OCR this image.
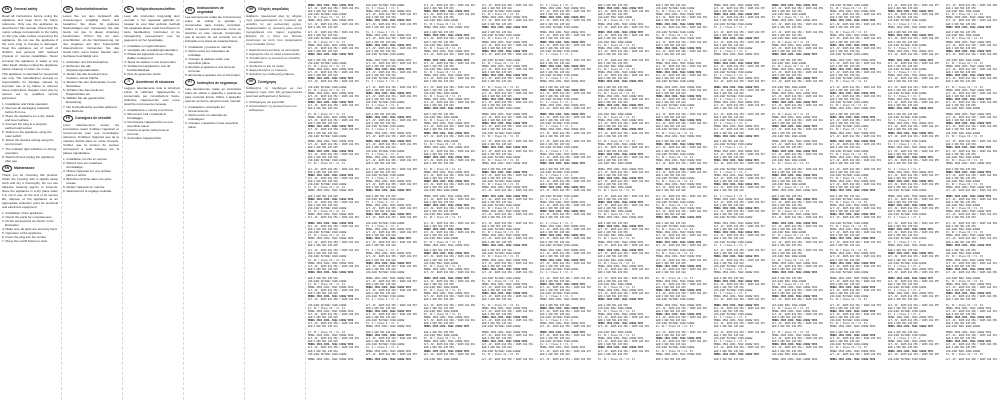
EN	General safety

Read all instructions before using the appliance and keep them for future reference. Only use the appliance as described in this manual. Check that the mains voltage corresponds to the rating on the type plate before connecting the appliance. Do not use the appliance if the cord, plug or housing is damaged. Keep the appliance out of reach of children and persons with reduced physical or mental capabilities. Never immerse the appliance in water or any other liquid. Always unplug the appliance before cleaning or when not in use.

This appliance is intended for household use only. The manufacturer accepts no responsibility for damage caused by improper use or by failure to observe these instructions. Repairs must only be carried out by qualified service personnel.

1. Installation and initial operation

2. Remove all packaging materials before first use.

3. Place the appliance on a dry, stable and level surface.

4. Connect the plug to a properly earthed wall socket.

5. Switch on the appliance using the main switch.

6. Select the desired setting using the control knob.

7. The indicator light switches on during operation.

8. Switch off and unplug the appliance after use.

EN	Maintenance

Thank you for choosing this product. Clean the housing with a slightly damp cloth and dry it thoroughly. Do not use abrasive cleaning agents or solvents. Store the appliance in a dry place when it is not in use. At the end of its service life, dispose of the appliance at an appropriate collection point for electrical and electronic equipment.

1. Installation of the appliance

2. Check the parts for completeness.

3. Fit the accessories as shown in the illustration.

4. Make sure all parts are securely fixed.

5. Operation of the appliance

6. Insert the plug into the socket.

7. Press the on/off button to start.

DE	Sicherheitshinweise

Lesen Sie vor dem Gebrauch alle Anweisungen sorgfältig durch und bewahren Sie diese für späteres Nachschlagen auf. Verwenden Sie das Gerät nur wie in dieser Anleitung beschrieben. Prüfen Sie vor dem Anschließen, ob die Netzspannung mit den Angaben auf dem Typenschild übereinstimmt. Verwenden Sie das Gerät nicht, wenn Kabel, Stecker oder Gehäuse beschädigt sind.

1. Aufstellen und Inbetriebnahme

2. Entfernen Sie alle Verpackungsmaterialien.

3. Stellen Sie das Gerät auf eine trockene, ebene Fläche.

4. Stecken Sie den Netzstecker in eine Steckdose.

5. Schalten Sie das Gerät am Hauptschalter ein.

6. Wählen Sie die gewünschte Einstellung.

7. Die Kontrollleuchte leuchtet während des Betriebs.

FR	Consignes de sécurité

Lisez attentivement toutes les instructions avant d'utiliser l'appareil et conservez-les pour une consultation ultérieure. N'utilisez l'appareil que de la manière décrite dans ce mode d'emploi. Vérifiez que la tension du secteur correspond à celle indiquée sur la plaque signalétique.

1. Installation et mise en service

2. Retirez tous les matériaux d'emballage.

3. Placez l'appareil sur une surface plane et sèche.

4. Branchez la fiche dans une prise murale.

5. Mettez l'appareil en marche.

6. Sélectionnez le réglage souhaité.

NL	Veiligheidsvoorschriften

Lees alle instructies zorgvuldig door voordat u het apparaat gebruikt en bewaar ze voor later gebruik. Gebruik het apparaat alleen zoals beschreven in deze handleiding. Controleer of de netspanning overeenkomt met de gegevens op het typeplaatje.

1. Installatie en ingebruikname

2. Verwijder alle verpakkingsmaterialen.

3. Plaats het apparaat op een droge, vlakke ondergrond.

4. Steek de stekker in het stopcontact.

5. Schakel het apparaat in met de hoofdschakelaar.

6. Kies de gewenste stand.

IT	Avvertenze di sicurezza

Leggere attentamente tutte le istruzioni prima di utilizzare l'apparecchio e conservarle per consultazioni future. Utilizzare l'apparecchio solo come descritto nel presente manuale.

1. Installazione e messa in funzione

2. Rimuovere tutti i materiali di imballaggio.

3. Posizionare l'apparecchio su una superficie piana.

4. Inserire la spina nella presa di corrente.

5. Accendere l'apparecchio.

ES	Instrucciones de seguridad

Lea atentamente todas las instrucciones antes de utilizar el aparato y consérvelas para futuras consultas. Utilice el aparato únicamente como se describe en este manual. Compruebe que la tensión de red coincide con la indicada en la placa de características.

1. Instalación y puesta en marcha

2. Retire todos los materiales de embalaje.

3. Coloque el aparato sobre una superficie plana.

4. Enchufe el aparato a una toma de corriente.

5. Encienda el aparato con el interruptor.

PT	Instruções de segurança

Leia atentamente todas as instruções antes de utilizar o aparelho e guarde-as para consulta futura. Utilize o aparelho apenas conforme descrito neste manual.

1. Instalação e colocação em funcionamento

2. Retire todos os materiais de embalagem.

3. Coloque o aparelho numa superfície plana.

GR	Οδηγίες ασφαλείας

Διαβάστε προσεκτικά όλες τις οδηγίες πριν χρησιμοποιήσετε τη συσκευή και φυλάξτε τις για μελλοντική χρήση. Χρησιμοποιείτε τη συσκευή μόνο όπως περιγράφεται στο παρόν εγχειρίδιο. Ελέγξτε ότι η τάση του δικτύου αντιστοιχεί σε αυτή που αναγράφεται στην πινακίδα τύπου.

1. Εγκατάσταση και θέση σε λειτουργία

2. Αφαιρέστε όλα τα υλικά συσκευασίας.

3. Τοποθετήστε τη συσκευή σε επίπεδη επιφάνεια.

4. Συνδέστε το φις σε πρίζα.

5. Ενεργοποιήστε τη συσκευή.

6. Επιλέξτε την επιθυμητή ρύθμιση.

GR	Συντήρηση

Καθαρίζετε το περίβλημα με ένα ελαφρώς υγρό πανί. Μη χρησιμοποιείτε λειαντικά καθαριστικά ή διαλύτες.

1. Καθαρισμός και φροντίδα

2. Αποσυνδέστε τη συσκευή πριν τον καθαρισμό.

MODEL 4501 230V~ 50Hz 1200W IP20
Art.-Nr. 0045 012 350 / 0045 012 351
EAN 4 006 501 245 018
230-240V 50/60Hz 1000-1200W
Kl. II / Class II / Cl. II
MODEL 4502 230V~ 50Hz 1500W IP20
Art.-Nr. 0045 012 352 / 0045 012 353
EAN 4 006 501 245 025
Art.-Nr. 0045 012 350 / 0045 012 351
EAN 4 006 501 245 018
230-240V 50/60Hz 1000-1200W
Kl. II / Class II / Cl. II
MODEL 4502 230V~ 50Hz 1500W IP20
Art.-Nr. 0045 012 352 / 0045 012 353
EAN 4 006 501 245 025
MODEL 4501 230V~ 50Hz 1200W IP20
EAN 4 006 501 245 018
230-240V 50/60Hz 1000-1200W
Kl. II / Class II / Cl. II
MODEL 4502 230V~ 50Hz 1500W IP20
Art.-Nr. 0045 012 352 / 0045 012 353
EAN 4 006 501 245 025
MODEL 4501 230V~ 50Hz 1200W IP20
Art.-Nr. 0045 012 350 / 0045 012 351
230-240V 50/60Hz 1000-1200W
Kl. II / Class II / Cl. II
MODEL 4502 230V~ 50Hz 1500W IP20
Art.-Nr. 0045 012 352 / 0045 012 353
EAN 4 006 501 245 025
MODEL 4501 230V~ 50Hz 1200W IP20
Art.-Nr. 0045 012 350 / 0045 012 351
EAN 4 006 501 245 018
Kl. II / Class II / Cl. II
MODEL 4502 230V~ 50Hz 1500W IP20
Art.-Nr. 0045 012 352 / 0045 012 353
EAN 4 006 501 245 025
MODEL 4501 230V~ 50Hz 1200W IP20
Art.-Nr. 0045 012 350 / 0045 012 351
EAN 4 006 501 245 018
230-240V 50/60Hz 1000-1200W
MODEL 4502 230V~ 50Hz 1500W IP20
Art.-Nr. 0045 012 352 / 0045 012 353
EAN 4 006 501 245 025
MODEL 4501 230V~ 50Hz 1200W IP20
Art.-Nr. 0045 012 350 / 0045 012 351
EAN 4 006 501 245 018
230-240V 50/60Hz 1000-1200W
Kl. II / Class II / Cl. II
Art.-Nr. 0045 012 352 / 0045 012 353
EAN 4 006 501 245 025
MODEL 4501 230V~ 50Hz 1200W IP20
Art.-Nr. 0045 012 350 / 0045 012 351
EAN 4 006 501 245 018
230-240V 50/60Hz 1000-1200W
Kl. II / Class II / Cl. II
MODEL 4502 230V~ 50Hz 1500W IP20
EAN 4 006 501 245 025
MODEL 4501 230V~ 50Hz 1200W IP20
Art.-Nr. 0045 012 350 / 0045 012 351
EAN 4 006 501 245 018
230-240V 50/60Hz 1000-1200W
Kl. II / Class II / Cl. II
MODEL 4502 230V~ 50Hz 1500W IP20
Art.-Nr. 0045 012 352 / 0045 012 353
MODEL 4501 230V~ 50Hz 1200W IP20
Art.-Nr. 0045 012 350 / 0045 012 351
EAN 4 006 501 245 018
230-240V 50/60Hz 1000-1200W
Kl. II / Class II / Cl. II
MODEL 4502 230V~ 50Hz 1500W IP20
Art.-Nr. 0045 012 352 / 0045 012 353
EAN 4 006 501 245 025
Art.-Nr. 0045 012 350 / 0045 012 351
EAN 4 006 501 245 018
230-240V 50/60Hz 1000-1200W
Kl. II / Class II / Cl. II
MODEL 4502 230V~ 50Hz 1500W IP20
Art.-Nr. 0045 012 352 / 0045 012 353
EAN 4 006 501 245 025
MODEL 4501 230V~ 50Hz 1200W IP20
EAN 4 006 501 245 018
230-240V 50/60Hz 1000-1200W
Kl. II / Class II / Cl. II
MODEL 4502 230V~ 50Hz 1500W IP20
Art.-Nr. 0045 012 352 / 0045 012 353
EAN 4 006 501 245 025
MODEL 4501 230V~ 50Hz 1200W IP20
Art.-Nr. 0045 012 350 / 0045 012 351
230-240V 50/60Hz 1000-1200W
Kl. II / Class II / Cl. II
MODEL 4502 230V~ 50Hz 1500W IP20
Art.-Nr. 0045 012 352 / 0045 012 353
EAN 4 006 501 245 025
MODEL 4501 230V~ 50Hz 1200W IP20
Art.-Nr. 0045 012 350 / 0045 012 351
EAN 4 006 501 245 018
Kl. II / Class II / Cl. II
MODEL 4502 230V~ 50Hz 1500W IP20
Art.-Nr. 0045 012 352 / 0045 012 353
EAN 4 006 501 245 025
MODEL 4501 230V~ 50Hz 1200W IP20
Art.-Nr. 0045 012 350 / 0045 012 351
EAN 4 006 501 245 018
230-240V 50/60Hz 1000-1200W
MODEL 4502 230V~ 50Hz 1500W IP20
220-240V 50/60Hz 1500-1800W
Kl. I / Class I / Cl. I
MODEL 4504 230V~ 50Hz 2000W IP21
Art.-Nr. 0045 012 356 / 0045 012 357
EAN 4 006 501 245 049
MODEL 4503 230V~ 50Hz 1800W IP21
Art.-Nr. 0045 012 354 / 0045 012 355
EAN 4 006 501 245 032
Kl. I / Class I / Cl. I
MODEL 4504 230V~ 50Hz 2000W IP21
Art.-Nr. 0045 012 356 / 0045 012 357
EAN 4 006 501 245 049
MODEL 4503 230V~ 50Hz 1800W IP21
Art.-Nr. 0045 012 354 / 0045 012 355
EAN 4 006 501 245 032
220-240V 50/60Hz 1500-1800W
MODEL 4504 230V~ 50Hz 2000W IP21
Art.-Nr. 0045 012 356 / 0045 012 357
EAN 4 006 501 245 049
MODEL 4503 230V~ 50Hz 1800W IP21
Art.-Nr. 0045 012 354 / 0045 012 355
EAN 4 006 501 245 032
220-240V 50/60Hz 1500-1800W
Kl. I / Class I / Cl. I
Art.-Nr. 0045 012 356 / 0045 012 357
EAN 4 006 501 245 049
MODEL 4503 230V~ 50Hz 1800W IP21
Art.-Nr. 0045 012 354 / 0045 012 355
EAN 4 006 501 245 032
220-240V 50/60Hz 1500-1800W
Kl. I / Class I / Cl. I
MODEL 4504 230V~ 50Hz 2000W IP21
EAN 4 006 501 245 049
MODEL 4503 230V~ 50Hz 1800W IP21
Art.-Nr. 0045 012 354 / 0045 012 355
EAN 4 006 501 245 032
220-240V 50/60Hz 1500-1800W
Kl. I / Class I / Cl. I
MODEL 4504 230V~ 50Hz 2000W IP21
Art.-Nr. 0045 012 356 / 0045 012 357
MODEL 4503 230V~ 50Hz 1800W IP21
Art.-Nr. 0045 012 354 / 0045 012 355
EAN 4 006 501 245 032
220-240V 50/60Hz 1500-1800W
Kl. I / Class I / Cl. I
MODEL 4504 230V~ 50Hz 2000W IP21
Art.-Nr. 0045 012 356 / 0045 012 357
EAN 4 006 501 245 049
Art.-Nr. 0045 012 354 / 0045 012 355
EAN 4 006 501 245 032
220-240V 50/60Hz 1500-1800W
Kl. I / Class I / Cl. I
MODEL 4504 230V~ 50Hz 2000W IP21
Art.-Nr. 0045 012 356 / 0045 012 357
EAN 4 006 501 245 049
MODEL 4503 230V~ 50Hz 1800W IP21
EAN 4 006 501 245 032
220-240V 50/60Hz 1500-1800W
Kl. I / Class I / Cl. I
MODEL 4504 230V~ 50Hz 2000W IP21
Art.-Nr. 0045 012 356 / 0045 012 357
EAN 4 006 501 245 049
MODEL 4503 230V~ 50Hz 1800W IP21
Art.-Nr. 0045 012 354 / 0045 012 355
220-240V 50/60Hz 1500-1800W
Kl. I / Class I / Cl. I
MODEL 4504 230V~ 50Hz 2000W IP21
Art.-Nr. 0045 012 356 / 0045 012 357
EAN 4 006 501 245 049
MODEL 4503 230V~ 50Hz 1800W IP21
Art.-Nr. 0045 012 354 / 0045 012 355
EAN 4 006 501 245 032
Kl. I / Class I / Cl. I
MODEL 4504 230V~ 50Hz 2000W IP21
Art.-Nr. 0045 012 356 / 0045 012 357
EAN 4 006 501 245 049
MODEL 4503 230V~ 50Hz 1800W IP21
Art.-Nr. 0045 012 354 / 0045 012 355
EAN 4 006 501 245 032
220-240V 50/60Hz 1500-1800W
MODEL 4504 230V~ 50Hz 2000W IP21
Art.-Nr. 0045 012 356 / 0045 012 357
EAN 4 006 501 245 049
MODEL 4503 230V~ 50Hz 1800W IP21
Art.-Nr. 0045 012 354 / 0045 012 355
EAN 4 006 501 245 032
220-240V 50/60Hz 1500-1800W
Kl. I / Class I / Cl. I
Art.-Nr. 0045 012 356 / 0045 012 357
EAN 4 006 501 245 049
MODEL 4503 230V~ 50Hz 1800W IP21
Art.-Nr. 0045 012 354 / 0045 012 355
EAN 4 006 501 245 032
220-240V 50/60Hz 1500-1800W
Kl. I / Class I / Cl. I
MODEL 4504 230V~ 50Hz 2000W IP21
EAN 4 006 501 245 049
MODEL 4503 230V~ 50Hz 1800W IP21
Art.-Nr. 0045 012 354 / 0045 012 355
EAN 4 006 501 245 032
220-240V 50/60Hz 1500-1800W
Kl. I / Class I / Cl. I
MODEL 4504 230V~ 50Hz 2000W IP21
Art.-Nr. 0045 012 356 / 0045 012 357
MODEL 4503 230V~ 50Hz 1800W IP21
Art.-Nr. 0045 012 360 / 0045 012 361
EAN 4 006 501 245 063
MODEL 4505 230V~ 50Hz 2200W IP24
Art.-Nr. 0045 012 358 / 0045 012 359
EAN 4 006 501 245 056
220-240V 50Hz 2000-2200W
Kl. II / Class II / Cl. II
MODEL 4506 230V~ 50Hz 2400W IP24
EAN 4 006 501 245 063
MODEL 4505 230V~ 50Hz 2200W IP24
Art.-Nr. 0045 012 358 / 0045 012 359
EAN 4 006 501 245 056
220-240V 50Hz 2000-2200W
Kl. II / Class II / Cl. II
MODEL 4506 230V~ 50Hz 2400W IP24
Art.-Nr. 0045 012 360 / 0045 012 361
MODEL 4505 230V~ 50Hz 2200W IP24
Art.-Nr. 0045 012 358 / 0045 012 359
EAN 4 006 501 245 056
220-240V 50Hz 2000-2200W
Kl. II / Class II / Cl. II
MODEL 4506 230V~ 50Hz 2400W IP24
Art.-Nr. 0045 012 360 / 0045 012 361
EAN 4 006 501 245 063
Art.-Nr. 0045 012 358 / 0045 012 359
EAN 4 006 501 245 056
220-240V 50Hz 2000-2200W
Kl. II / Class II / Cl. II
MODEL 4506 230V~ 50Hz 2400W IP24
Art.-Nr. 0045 012 360 / 0045 012 361
EAN 4 006 501 245 063
MODEL 4505 230V~ 50Hz 2200W IP24
EAN 4 006 501 245 056
220-240V 50Hz 2000-2200W
Kl. II / Class II / Cl. II
MODEL 4506 230V~ 50Hz 2400W IP24
Art.-Nr. 0045 012 360 / 0045 012 361
EAN 4 006 501 245 063
MODEL 4505 230V~ 50Hz 2200W IP24
Art.-Nr. 0045 012 358 / 0045 012 359
220-240V 50Hz 2000-2200W
Kl. II / Class II / Cl. II
MODEL 4506 230V~ 50Hz 2400W IP24
Art.-Nr. 0045 012 360 / 0045 012 361
EAN 4 006 501 245 063
MODEL 4505 230V~ 50Hz 2200W IP24
Art.-Nr. 0045 012 358 / 0045 012 359
EAN 4 006 501 245 056
Kl. II / Class II / Cl. II
MODEL 4506 230V~ 50Hz 2400W IP24
Art.-Nr. 0045 012 360 / 0045 012 361
EAN 4 006 501 245 063
MODEL 4505 230V~ 50Hz 2200W IP24
Art.-Nr. 0045 012 358 / 0045 012 359
EAN 4 006 501 245 056
220-240V 50Hz 2000-2200W
MODEL 4506 230V~ 50Hz 2400W IP24
Art.-Nr. 0045 012 360 / 0045 012 361
EAN 4 006 501 245 063
MODEL 4505 230V~ 50Hz 2200W IP24
Art.-Nr. 0045 012 358 / 0045 012 359
EAN 4 006 501 245 056
220-240V 50Hz 2000-2200W
Kl. II / Class II / Cl. II
Art.-Nr. 0045 012 360 / 0045 012 361
EAN 4 006 501 245 063
MODEL 4505 230V~ 50Hz 2200W IP24
Art.-Nr. 0045 012 358 / 0045 012 359
EAN 4 006 501 245 056
220-240V 50Hz 2000-2200W
Kl. II / Class II / Cl. II
MODEL 4506 230V~ 50Hz 2400W IP24
EAN 4 006 501 245 063
MODEL 4505 230V~ 50Hz 2200W IP24
Art.-Nr. 0045 012 358 / 0045 012 359
EAN 4 006 501 245 056
220-240V 50Hz 2000-2200W
Kl. II / Class II / Cl. II
MODEL 4506 230V~ 50Hz 2400W IP24
Art.-Nr. 0045 012 360 / 0045 012 361
MODEL 4505 230V~ 50Hz 2200W IP24
Art.-Nr. 0045 012 358 / 0045 012 359
EAN 4 006 501 245 056
220-240V 50Hz 2000-2200W
Kl. II / Class II / Cl. II
MODEL 4506 230V~ 50Hz 2400W IP24
Art.-Nr. 0045 012 360 / 0045 012 361
EAN 4 006 501 245 063
Art.-Nr. 0045 012 358 / 0045 012 359
EAN 4 006 501 245 056
220-240V 50Hz 2000-2200W
Kl. II / Class II / Cl. II
MODEL 4506 230V~ 50Hz 2400W IP24
Art.-Nr. 0045 012 360 / 0045 012 361
EAN 4 006 501 245 063
MODEL 4505 230V~ 50Hz 2200W IP24
EAN 4 006 501 245 056
220-240V 50Hz 2000-2200W
Kl. II / Class II / Cl. II
MODEL 4506 230V~ 50Hz 2400W IP24
Art.-Nr. 0045 012 360 / 0045 012 361
EAN 4 006 501 245 063
MODEL 4505 230V~ 50Hz 2200W IP24
Art.-Nr. 0045 012 358 / 0045 012 359
220-240V 50Hz 2000-2200W
Art.-Nr. 0045 012 350 / 0045 012 351
EAN 4 006 501 245 018
230-240V 50/60Hz 1000-1200W
Kl. II / Class II / Cl. II
MODEL 4502 230V~ 50Hz 1500W IP20
Art.-Nr. 0045 012 352 / 0045 012 353
EAN 4 006 501 245 025
MODEL 4501 230V~ 50Hz 1200W IP20
EAN 4 006 501 245 018
230-240V 50/60Hz 1000-1200W
Kl. II / Class II / Cl. II
MODEL 4502 230V~ 50Hz 1500W IP20
Art.-Nr. 0045 012 352 / 0045 012 353
EAN 4 006 501 245 025
MODEL 4501 230V~ 50Hz 1200W IP20
Art.-Nr. 0045 012 350 / 0045 012 351
230-240V 50/60Hz 1000-1200W
Kl. II / Class II / Cl. II
MODEL 4502 230V~ 50Hz 1500W IP20
Art.-Nr. 0045 012 352 / 0045 012 353
EAN 4 006 501 245 025
MODEL 4501 230V~ 50Hz 1200W IP20
Art.-Nr. 0045 012 350 / 0045 012 351
EAN 4 006 501 245 018
Kl. II / Class II / Cl. II
MODEL 4502 230V~ 50Hz 1500W IP20
Art.-Nr. 0045 012 352 / 0045 012 353
EAN 4 006 501 245 025
MODEL 4501 230V~ 50Hz 1200W IP20
Art.-Nr. 0045 012 350 / 0045 012 351
EAN 4 006 501 245 018
230-240V 50/60Hz 1000-1200W
MODEL 4502 230V~ 50Hz 1500W IP20
Art.-Nr. 0045 012 352 / 0045 012 353
EAN 4 006 501 245 025
MODEL 4501 230V~ 50Hz 1200W IP20
Art.-Nr. 0045 012 350 / 0045 012 351
EAN 4 006 501 245 018
230-240V 50/60Hz 1000-1200W
Kl. II / Class II / Cl. II
Art.-Nr. 0045 012 352 / 0045 012 353
EAN 4 006 501 245 025
MODEL 4501 230V~ 50Hz 1200W IP20
Art.-Nr. 0045 012 350 / 0045 012 351
EAN 4 006 501 245 018
230-240V 50/60Hz 1000-1200W
Kl. II / Class II / Cl. II
MODEL 4502 230V~ 50Hz 1500W IP20
EAN 4 006 501 245 025
MODEL 4501 230V~ 50Hz 1200W IP20
Art.-Nr. 0045 012 350 / 0045 012 351
EAN 4 006 501 245 018
230-240V 50/60Hz 1000-1200W
Kl. II / Class II / Cl. II
MODEL 4502 230V~ 50Hz 1500W IP20
Art.-Nr. 0045 012 352 / 0045 012 353
MODEL 4501 230V~ 50Hz 1200W IP20
Art.-Nr. 0045 012 350 / 0045 012 351
EAN 4 006 501 245 018
230-240V 50/60Hz 1000-1200W
Kl. II / Class II / Cl. II
MODEL 4502 230V~ 50Hz 1500W IP20
Art.-Nr. 0045 012 352 / 0045 012 353
EAN 4 006 501 245 025
Art.-Nr. 0045 012 350 / 0045 012 351
EAN 4 006 501 245 018
230-240V 50/60Hz 1000-1200W
Kl. II / Class II / Cl. II
MODEL 4502 230V~ 50Hz 1500W IP20
Art.-Nr. 0045 012 352 / 0045 012 353
EAN 4 006 501 245 025
MODEL 4501 230V~ 50Hz 1200W IP20
EAN 4 006 501 245 018
230-240V 50/60Hz 1000-1200W
Kl. II / Class II / Cl. II
MODEL 4502 230V~ 50Hz 1500W IP20
Art.-Nr. 0045 012 352 / 0045 012 353
EAN 4 006 501 245 025
MODEL 4501 230V~ 50Hz 1200W IP20
Art.-Nr. 0045 012 350 / 0045 012 351
230-240V 50/60Hz 1000-1200W
Kl. II / Class II / Cl. II
MODEL 4502 230V~ 50Hz 1500W IP20
Art.-Nr. 0045 012 352 / 0045 012 353
EAN 4 006 501 245 025
MODEL 4501 230V~ 50Hz 1200W IP20
Art.-Nr. 0045 012 350 / 0045 012 351
EAN 4 006 501 245 018
Kl. II / Class II / Cl. II
MODEL 4502 230V~ 50Hz 1500W IP20
Art.-Nr. 0045 012 352 / 0045 012 353
EAN 4 006 501 245 025
MODEL 4501 230V~ 50Hz 1200W IP20
Art.-Nr. 0045 012 350 / 0045 012 351
EAN 4 006 501 245 018
230-240V 50/60Hz 1000-1200W
MODEL 4502 230V~ 50Hz 1500W IP20
Art.-Nr. 0045 012 352 / 0045 012 353
EAN 4 006 501 245 025
MODEL 4501 230V~ 50Hz 1200W IP20
Art.-Nr. 0045 012 350 / 0045 012 351
EAN 4 006 501 245 018
230-240V 50/60Hz 1000-1200W
Kl. II / Class II / Cl. II
Art.-Nr. 0045 012 352 / 0045 012 353
Kl. I / Class I / Cl. I
MODEL 4504 230V~ 50Hz 2000W IP21
Art.-Nr. 0045 012 356 / 0045 012 357
EAN 4 006 501 245 049
MODEL 4503 230V~ 50Hz 1800W IP21
Art.-Nr. 0045 012 354 / 0045 012 355
EAN 4 006 501 245 032
220-240V 50/60Hz 1500-1800W
MODEL 4504 230V~ 50Hz 2000W IP21
Art.-Nr. 0045 012 356 / 0045 012 357
EAN 4 006 501 245 049
MODEL 4503 230V~ 50Hz 1800W IP21
Art.-Nr. 0045 012 354 / 0045 012 355
EAN 4 006 501 245 032
220-240V 50/60Hz 1500-1800W
Kl. I / Class I / Cl. I
Art.-Nr. 0045 012 356 / 0045 012 357
EAN 4 006 501 245 049
MODEL 4503 230V~ 50Hz 1800W IP21
Art.-Nr. 0045 012 354 / 0045 012 355
EAN 4 006 501 245 032
220-240V 50/60Hz 1500-1800W
Kl. I / Class I / Cl. I
MODEL 4504 230V~ 50Hz 2000W IP21
EAN 4 006 501 245 049
MODEL 4503 230V~ 50Hz 1800W IP21
Art.-Nr. 0045 012 354 / 0045 012 355
EAN 4 006 501 245 032
220-240V 50/60Hz 1500-1800W
Kl. I / Class I / Cl. I
MODEL 4504 230V~ 50Hz 2000W IP21
Art.-Nr. 0045 012 356 / 0045 012 357
MODEL 4503 230V~ 50Hz 1800W IP21
Art.-Nr. 0045 012 354 / 0045 012 355
EAN 4 006 501 245 032
220-240V 50/60Hz 1500-1800W
Kl. I / Class I / Cl. I
MODEL 4504 230V~ 50Hz 2000W IP21
Art.-Nr. 0045 012 356 / 0045 012 357
EAN 4 006 501 245 049
Art.-Nr. 0045 012 354 / 0045 012 355
EAN 4 006 501 245 032
220-240V 50/60Hz 1500-1800W
Kl. I / Class I / Cl. I
MODEL 4504 230V~ 50Hz 2000W IP21
Art.-Nr. 0045 012 356 / 0045 012 357
EAN 4 006 501 245 049
MODEL 4503 230V~ 50Hz 1800W IP21
EAN 4 006 501 245 032
220-240V 50/60Hz 1500-1800W
Kl. I / Class I / Cl. I
MODEL 4504 230V~ 50Hz 2000W IP21
Art.-Nr. 0045 012 356 / 0045 012 357
EAN 4 006 501 245 049
MODEL 4503 230V~ 50Hz 1800W IP21
Art.-Nr. 0045 012 354 / 0045 012 355
220-240V 50/60Hz 1500-1800W
Kl. I / Class I / Cl. I
MODEL 4504 230V~ 50Hz 2000W IP21
Art.-Nr. 0045 012 356 / 0045 012 357
EAN 4 006 501 245 049
MODEL 4503 230V~ 50Hz 1800W IP21
Art.-Nr. 0045 012 354 / 0045 012 355
EAN 4 006 501 245 032
Kl. I / Class I / Cl. I
MODEL 4504 230V~ 50Hz 2000W IP21
Art.-Nr. 0045 012 356 / 0045 012 357
EAN 4 006 501 245 049
MODEL 4503 230V~ 50Hz 1800W IP21
Art.-Nr. 0045 012 354 / 0045 012 355
EAN 4 006 501 245 032
220-240V 50/60Hz 1500-1800W
MODEL 4504 230V~ 50Hz 2000W IP21
Art.-Nr. 0045 012 356 / 0045 012 357
EAN 4 006 501 245 049
MODEL 4503 230V~ 50Hz 1800W IP21
Art.-Nr. 0045 012 354 / 0045 012 355
EAN 4 006 501 245 032
220-240V 50/60Hz 1500-1800W
Kl. I / Class I / Cl. I
Art.-Nr. 0045 012 356 / 0045 012 357
EAN 4 006 501 245 049
MODEL 4503 230V~ 50Hz 1800W IP21
Art.-Nr. 0045 012 354 / 0045 012 355
EAN 4 006 501 245 032
220-240V 50/60Hz 1500-1800W
Kl. I / Class I / Cl. I
MODEL 4504 230V~ 50Hz 2000W IP21
EAN 4 006 501 245 049
MODEL 4503 230V~ 50Hz 1800W IP21
Art.-Nr. 0045 012 354 / 0045 012 355
EAN 4 006 501 245 032
220-240V 50/60Hz 1500-1800W
Kl. I / Class I / Cl. I
MODEL 4504 230V~ 50Hz 2000W IP21
Art.-Nr. 0045 012 356 / 0045 012 357
MODEL 4503 230V~ 50Hz 1800W IP21
Art.-Nr. 0045 012 354 / 0045 012 355
EAN 4 006 501 245 032
220-240V 50/60Hz 1500-1800W
Kl. I / Class I / Cl. I
MODEL 4504 230V~ 50Hz 2000W IP21
Art.-Nr. 0045 012 356 / 0045 012 357
EAN 4 006 501 245 049
Art.-Nr. 0045 012 354 / 0045 012 355
EAN 4 006 501 245 063
MODEL 4505 230V~ 50Hz 2200W IP24
Art.-Nr. 0045 012 358 / 0045 012 359
EAN 4 006 501 245 056
220-240V 50Hz 2000-2200W
Kl. II / Class II / Cl. II
MODEL 4506 230V~ 50Hz 2400W IP24
Art.-Nr. 0045 012 360 / 0045 012 361
MODEL 4505 230V~ 50Hz 2200W IP24
Art.-Nr. 0045 012 358 / 0045 012 359
EAN 4 006 501 245 056
220-240V 50Hz 2000-2200W
Kl. II / Class II / Cl. II
MODEL 4506 230V~ 50Hz 2400W IP24
Art.-Nr. 0045 012 360 / 0045 012 361
EAN 4 006 501 245 063
Art.-Nr. 0045 012 358 / 0045 012 359
EAN 4 006 501 245 056
220-240V 50Hz 2000-2200W
Kl. II / Class II / Cl. II
MODEL 4506 230V~ 50Hz 2400W IP24
Art.-Nr. 0045 012 360 / 0045 012 361
EAN 4 006 501 245 063
MODEL 4505 230V~ 50Hz 2200W IP24
EAN 4 006 501 245 056
220-240V 50Hz 2000-2200W
Kl. II / Class II / Cl. II
MODEL 4506 230V~ 50Hz 2400W IP24
Art.-Nr. 0045 012 360 / 0045 012 361
EAN 4 006 501 245 063
MODEL 4505 230V~ 50Hz 2200W IP24
Art.-Nr. 0045 012 358 / 0045 012 359
220-240V 50Hz 2000-2200W
Kl. II / Class II / Cl. II
MODEL 4506 230V~ 50Hz 2400W IP24
Art.-Nr. 0045 012 360 / 0045 012 361
EAN 4 006 501 245 063
MODEL 4505 230V~ 50Hz 2200W IP24
Art.-Nr. 0045 012 358 / 0045 012 359
EAN 4 006 501 245 056
Kl. II / Class II / Cl. II
MODEL 4506 230V~ 50Hz 2400W IP24
Art.-Nr. 0045 012 360 / 0045 012 361
EAN 4 006 501 245 063
MODEL 4505 230V~ 50Hz 2200W IP24
Art.-Nr. 0045 012 358 / 0045 012 359
EAN 4 006 501 245 056
220-240V 50Hz 2000-2200W
MODEL 4506 230V~ 50Hz 2400W IP24
Art.-Nr. 0045 012 360 / 0045 012 361
EAN 4 006 501 245 063
MODEL 4505 230V~ 50Hz 2200W IP24
Art.-Nr. 0045 012 358 / 0045 012 359
EAN 4 006 501 245 056
220-240V 50Hz 2000-2200W
Kl. II / Class II / Cl. II
Art.-Nr. 0045 012 360 / 0045 012 361
EAN 4 006 501 245 063
MODEL 4505 230V~ 50Hz 2200W IP24
Art.-Nr. 0045 012 358 / 0045 012 359
EAN 4 006 501 245 056
220-240V 50Hz 2000-2200W
Kl. II / Class II / Cl. II
MODEL 4506 230V~ 50Hz 2400W IP24
EAN 4 006 501 245 063
MODEL 4505 230V~ 50Hz 2200W IP24
Art.-Nr. 0045 012 358 / 0045 012 359
EAN 4 006 501 245 056
220-240V 50Hz 2000-2200W
Kl. II / Class II / Cl. II
MODEL 4506 230V~ 50Hz 2400W IP24
Art.-Nr. 0045 012 360 / 0045 012 361
MODEL 4505 230V~ 50Hz 2200W IP24
Art.-Nr. 0045 012 358 / 0045 012 359
EAN 4 006 501 245 056
220-240V 50Hz 2000-2200W
Kl. II / Class II / Cl. II
MODEL 4506 230V~ 50Hz 2400W IP24
Art.-Nr. 0045 012 360 / 0045 012 361
EAN 4 006 501 245 063
Art.-Nr. 0045 012 358 / 0045 012 359
EAN 4 006 501 245 056
220-240V 50Hz 2000-2200W
Kl. II / Class II / Cl. II
MODEL 4506 230V~ 50Hz 2400W IP24
Art.-Nr. 0045 012 360 / 0045 012 361
EAN 4 006 501 245 063
MODEL 4505 230V~ 50Hz 2200W IP24
EAN 4 006 501 245 056
220-240V 50Hz 2000-2200W
Kl. II / Class II / Cl. II
MODEL 4506 230V~ 50Hz 2400W IP24
Art.-Nr. 0045 012 360 / 0045 012 361
EAN 4 006 501 245 063
MODEL 4505 230V~ 50Hz 2200W IP24
Art.-Nr. 0045 012 358 / 0045 012 359
220-240V 50Hz 2000-2200W
Kl. II / Class II / Cl. II
MODEL 4506 230V~ 50Hz 2400W IP24
Art.-Nr. 0045 012 360 / 0045 012 361
EAN 4 006 501 245 063
MODEL 4505 230V~ 50Hz 2200W IP24
Art.-Nr. 0045 012 358 / 0045 012 359
EAN 4 006 501 245 056
Kl. II / Class II / Cl. II
EAN 4 006 501 245 018
230-240V 50/60Hz 1000-1200W
Kl. II / Class II / Cl. II
MODEL 4502 230V~ 50Hz 1500W IP20
Art.-Nr. 0045 012 352 / 0045 012 353
EAN 4 006 501 245 025
MODEL 4501 230V~ 50Hz 1200W IP20
Art.-Nr. 0045 012 350 / 0045 012 351
230-240V 50/60Hz 1000-1200W
Kl. II / Class II / Cl. II
MODEL 4502 230V~ 50Hz 1500W IP20
Art.-Nr. 0045 012 352 / 0045 012 353
EAN 4 006 501 245 025
MODEL 4501 230V~ 50Hz 1200W IP20
Art.-Nr. 0045 012 350 / 0045 012 351
EAN 4 006 501 245 018
Kl. II / Class II / Cl. II
MODEL 4502 230V~ 50Hz 1500W IP20
Art.-Nr. 0045 012 352 / 0045 012 353
EAN 4 006 501 245 025
MODEL 4501 230V~ 50Hz 1200W IP20
Art.-Nr. 0045 012 350 / 0045 012 351
EAN 4 006 501 245 018
230-240V 50/60Hz 1000-1200W
MODEL 4502 230V~ 50Hz 1500W IP20
Art.-Nr. 0045 012 352 / 0045 012 353
EAN 4 006 501 245 025
MODEL 4501 230V~ 50Hz 1200W IP20
Art.-Nr. 0045 012 350 / 0045 012 351
EAN 4 006 501 245 018
230-240V 50/60Hz 1000-1200W
Kl. II / Class II / Cl. II
Art.-Nr. 0045 012 352 / 0045 012 353
EAN 4 006 501 245 025
MODEL 4501 230V~ 50Hz 1200W IP20
Art.-Nr. 0045 012 350 / 0045 012 351
EAN 4 006 501 245 018
230-240V 50/60Hz 1000-1200W
Kl. II / Class II / Cl. II
MODEL 4502 230V~ 50Hz 1500W IP20
EAN 4 006 501 245 025
MODEL 4501 230V~ 50Hz 1200W IP20
Art.-Nr. 0045 012 350 / 0045 012 351
EAN 4 006 501 245 018
230-240V 50/60Hz 1000-1200W
Kl. II / Class II / Cl. II
MODEL 4502 230V~ 50Hz 1500W IP20
Art.-Nr. 0045 012 352 / 0045 012 353
MODEL 4501 230V~ 50Hz 1200W IP20
Art.-Nr. 0045 012 350 / 0045 012 351
EAN 4 006 501 245 018
230-240V 50/60Hz 1000-1200W
Kl. II / Class II / Cl. II
MODEL 4502 230V~ 50Hz 1500W IP20
Art.-Nr. 0045 012 352 / 0045 012 353
EAN 4 006 501 245 025
Art.-Nr. 0045 012 350 / 0045 012 351
EAN 4 006 501 245 018
230-240V 50/60Hz 1000-1200W
Kl. II / Class II / Cl. II
MODEL 4502 230V~ 50Hz 1500W IP20
Art.-Nr. 0045 012 352 / 0045 012 353
EAN 4 006 501 245 025
MODEL 4501 230V~ 50Hz 1200W IP20
EAN 4 006 501 245 018
230-240V 50/60Hz 1000-1200W
Kl. II / Class II / Cl. II
MODEL 4502 230V~ 50Hz 1500W IP20
Art.-Nr. 0045 012 352 / 0045 012 353
EAN 4 006 501 245 025
MODEL 4501 230V~ 50Hz 1200W IP20
Art.-Nr. 0045 012 350 / 0045 012 351
230-240V 50/60Hz 1000-1200W
Kl. II / Class II / Cl. II
MODEL 4502 230V~ 50Hz 1500W IP20
Art.-Nr. 0045 012 352 / 0045 012 353
EAN 4 006 501 245 025
MODEL 4501 230V~ 50Hz 1200W IP20
Art.-Nr. 0045 012 350 / 0045 012 351
EAN 4 006 501 245 018
Kl. II / Class II / Cl. II
MODEL 4502 230V~ 50Hz 1500W IP20
Art.-Nr. 0045 012 352 / 0045 012 353
EAN 4 006 501 245 025
MODEL 4501 230V~ 50Hz 1200W IP20
Art.-Nr. 0045 012 350 / 0045 012 351
EAN 4 006 501 245 018
230-240V 50/60Hz 1000-1200W
MODEL 4502 230V~ 50Hz 1500W IP20
Art.-Nr. 0045 012 352 / 0045 012 353
EAN 4 006 501 245 025
MODEL 4501 230V~ 50Hz 1200W IP20
Art.-Nr. 0045 012 350 / 0045 012 351
EAN 4 006 501 245 018
230-240V 50/60Hz 1000-1200W
Kl. II / Class II / Cl. II
Art.-Nr. 0045 012 352 / 0045 012 353
EAN 4 006 501 245 025
MODEL 4501 230V~ 50Hz 1200W IP20
Art.-Nr. 0045 012 350 / 0045 012 351
EAN 4 006 501 245 018
230-240V 50/60Hz 1000-1200W
Kl. II / Class II / Cl. II
MODEL 4502 230V~ 50Hz 1500W IP20
EAN 4 006 501 245 025
MODEL 4504 230V~ 50Hz 2000W IP21
Art.-Nr. 0045 012 356 / 0045 012 357
EAN 4 006 501 245 049
MODEL 4503 230V~ 50Hz 1800W IP21
Art.-Nr. 0045 012 354 / 0045 012 355
EAN 4 006 501 245 032
220-240V 50/60Hz 1500-1800W
Kl. I / Class I / Cl. I
Art.-Nr. 0045 012 356 / 0045 012 357
EAN 4 006 501 245 049
MODEL 4503 230V~ 50Hz 1800W IP21
Art.-Nr. 0045 012 354 / 0045 012 355
EAN 4 006 501 245 032
220-240V 50/60Hz 1500-1800W
Kl. I / Class I / Cl. I
MODEL 4504 230V~ 50Hz 2000W IP21
EAN 4 006 501 245 049
MODEL 4503 230V~ 50Hz 1800W IP21
Art.-Nr. 0045 012 354 / 0045 012 355
EAN 4 006 501 245 032
220-240V 50/60Hz 1500-1800W
Kl. I / Class I / Cl. I
MODEL 4504 230V~ 50Hz 2000W IP21
Art.-Nr. 0045 012 356 / 0045 012 357
MODEL 4503 230V~ 50Hz 1800W IP21
Art.-Nr. 0045 012 354 / 0045 012 355
EAN 4 006 501 245 032
220-240V 50/60Hz 1500-1800W
Kl. I / Class I / Cl. I
MODEL 4504 230V~ 50Hz 2000W IP21
Art.-Nr. 0045 012 356 / 0045 012 357
EAN 4 006 501 245 049
Art.-Nr. 0045 012 354 / 0045 012 355
EAN 4 006 501 245 032
220-240V 50/60Hz 1500-1800W
Kl. I / Class I / Cl. I
MODEL 4504 230V~ 50Hz 2000W IP21
Art.-Nr. 0045 012 356 / 0045 012 357
EAN 4 006 501 245 049
MODEL 4503 230V~ 50Hz 1800W IP21
EAN 4 006 501 245 032
220-240V 50/60Hz 1500-1800W
Kl. I / Class I / Cl. I
MODEL 4504 230V~ 50Hz 2000W IP21
Art.-Nr. 0045 012 356 / 0045 012 357
EAN 4 006 501 245 049
MODEL 4503 230V~ 50Hz 1800W IP21
Art.-Nr. 0045 012 354 / 0045 012 355
220-240V 50/60Hz 1500-1800W
Kl. I / Class I / Cl. I
MODEL 4504 230V~ 50Hz 2000W IP21
Art.-Nr. 0045 012 356 / 0045 012 357
EAN 4 006 501 245 049
MODEL 4503 230V~ 50Hz 1800W IP21
Art.-Nr. 0045 012 354 / 0045 012 355
EAN 4 006 501 245 032
Kl. I / Class I / Cl. I
MODEL 4504 230V~ 50Hz 2000W IP21
Art.-Nr. 0045 012 356 / 0045 012 357
EAN 4 006 501 245 049
MODEL 4503 230V~ 50Hz 1800W IP21
Art.-Nr. 0045 012 354 / 0045 012 355
EAN 4 006 501 245 032
220-240V 50/60Hz 1500-1800W
MODEL 4504 230V~ 50Hz 2000W IP21
Art.-Nr. 0045 012 356 / 0045 012 357
EAN 4 006 501 245 049
MODEL 4503 230V~ 50Hz 1800W IP21
Art.-Nr. 0045 012 354 / 0045 012 355
EAN 4 006 501 245 032
220-240V 50/60Hz 1500-1800W
Kl. I / Class I / Cl. I
Art.-Nr. 0045 012 356 / 0045 012 357
EAN 4 006 501 245 049
MODEL 4503 230V~ 50Hz 1800W IP21
Art.-Nr. 0045 012 354 / 0045 012 355
EAN 4 006 501 245 032
220-240V 50/60Hz 1500-1800W
Kl. I / Class I / Cl. I
MODEL 4504 230V~ 50Hz 2000W IP21
EAN 4 006 501 245 049
MODEL 4503 230V~ 50Hz 1800W IP21
Art.-Nr. 0045 012 354 / 0045 012 355
EAN 4 006 501 245 032
220-240V 50/60Hz 1500-1800W
Kl. I / Class I / Cl. I
MODEL 4504 230V~ 50Hz 2000W IP21
Art.-Nr. 0045 012 356 / 0045 012 357
MODEL 4503 230V~ 50Hz 1800W IP21
Art.-Nr. 0045 012 354 / 0045 012 355
EAN 4 006 501 245 032
220-240V 50/60Hz 1500-1800W
Kl. I / Class I / Cl. I
MODEL 4504 230V~ 50Hz 2000W IP21
Art.-Nr. 0045 012 356 / 0045 012 357
EAN 4 006 501 245 049
Art.-Nr. 0045 012 354 / 0045 012 355
EAN 4 006 501 245 032
220-240V 50/60Hz 1500-1800W
Kl. I / Class I / Cl. I
MODEL 4504 230V~ 50Hz 2000W IP21
Art.-Nr. 0045 012 356 / 0045 012 357
EAN 4 006 501 245 049
MODEL 4503 230V~ 50Hz 1800W IP21
EAN 4 006 501 245 032
MODEL 4505 230V~ 50Hz 2200W IP24
Art.-Nr. 0045 012 358 / 0045 012 359
EAN 4 006 501 245 056
220-240V 50Hz 2000-2200W
Kl. II / Class II / Cl. II
MODEL 4506 230V~ 50Hz 2400W IP24
Art.-Nr. 0045 012 360 / 0045 012 361
EAN 4 006 501 245 063
Art.-Nr. 0045 012 358 / 0045 012 359
EAN 4 006 501 245 056
220-240V 50Hz 2000-2200W
Kl. II / Class II / Cl. II
MODEL 4506 230V~ 50Hz 2400W IP24
Art.-Nr. 0045 012 360 / 0045 012 361
EAN 4 006 501 245 063
MODEL 4505 230V~ 50Hz 2200W IP24
EAN 4 006 501 245 056
220-240V 50Hz 2000-2200W
Kl. II / Class II / Cl. II
MODEL 4506 230V~ 50Hz 2400W IP24
Art.-Nr. 0045 012 360 / 0045 012 361
EAN 4 006 501 245 063
MODEL 4505 230V~ 50Hz 2200W IP24
Art.-Nr. 0045 012 358 / 0045 012 359
220-240V 50Hz 2000-2200W
Kl. II / Class II / Cl. II
MODEL 4506 230V~ 50Hz 2400W IP24
Art.-Nr. 0045 012 360 / 0045 012 361
EAN 4 006 501 245 063
MODEL 4505 230V~ 50Hz 2200W IP24
Art.-Nr. 0045 012 358 / 0045 012 359
EAN 4 006 501 245 056
Kl. II / Class II / Cl. II
MODEL 4506 230V~ 50Hz 2400W IP24
Art.-Nr. 0045 012 360 / 0045 012 361
EAN 4 006 501 245 063
MODEL 4505 230V~ 50Hz 2200W IP24
Art.-Nr. 0045 012 358 / 0045 012 359
EAN 4 006 501 245 056
220-240V 50Hz 2000-2200W
MODEL 4506 230V~ 50Hz 2400W IP24
Art.-Nr. 0045 012 360 / 0045 012 361
EAN 4 006 501 245 063
MODEL 4505 230V~ 50Hz 2200W IP24
Art.-Nr. 0045 012 358 / 0045 012 359
EAN 4 006 501 245 056
220-240V 50Hz 2000-2200W
Kl. II / Class II / Cl. II
Art.-Nr. 0045 012 360 / 0045 012 361
EAN 4 006 501 245 063
MODEL 4505 230V~ 50Hz 2200W IP24
Art.-Nr. 0045 012 358 / 0045 012 359
EAN 4 006 501 245 056
220-240V 50Hz 2000-2200W
Kl. II / Class II / Cl. II
MODEL 4506 230V~ 50Hz 2400W IP24
EAN 4 006 501 245 063
MODEL 4505 230V~ 50Hz 2200W IP24
Art.-Nr. 0045 012 358 / 0045 012 359
EAN 4 006 501 245 056
220-240V 50Hz 2000-2200W
Kl. II / Class II / Cl. II
MODEL 4506 230V~ 50Hz 2400W IP24
Art.-Nr. 0045 012 360 / 0045 012 361
MODEL 4505 230V~ 50Hz 2200W IP24
Art.-Nr. 0045 012 358 / 0045 012 359
EAN 4 006 501 245 056
220-240V 50Hz 2000-2200W
Kl. II / Class II / Cl. II
MODEL 4506 230V~ 50Hz 2400W IP24
Art.-Nr. 0045 012 360 / 0045 012 361
EAN 4 006 501 245 063
Art.-Nr. 0045 012 358 / 0045 012 359
EAN 4 006 501 245 056
220-240V 50Hz 2000-2200W
Kl. II / Class II / Cl. II
MODEL 4506 230V~ 50Hz 2400W IP24
Art.-Nr. 0045 012 360 / 0045 012 361
EAN 4 006 501 245 063
MODEL 4505 230V~ 50Hz 2200W IP24
EAN 4 006 501 245 056
220-240V 50Hz 2000-2200W
Kl. II / Class II / Cl. II
MODEL 4506 230V~ 50Hz 2400W IP24
Art.-Nr. 0045 012 360 / 0045 012 361
EAN 4 006 501 245 063
MODEL 4505 230V~ 50Hz 2200W IP24
Art.-Nr. 0045 012 358 / 0045 012 359
220-240V 50Hz 2000-2200W
Kl. II / Class II / Cl. II
MODEL 4506 230V~ 50Hz 2400W IP24
Art.-Nr. 0045 012 360 / 0045 012 361
EAN 4 006 501 245 063
MODEL 4505 230V~ 50Hz 2200W IP24
Art.-Nr. 0045 012 358 / 0045 012 359
EAN 4 006 501 245 056
Kl. II / Class II / Cl. II
MODEL 4506 230V~ 50Hz 2400W IP24
Art.-Nr. 0045 012 360 / 0045 012 361
EAN 4 006 501 245 063
MODEL 4505 230V~ 50Hz 2200W IP24
Art.-Nr. 0045 012 358 / 0045 012 359
EAN 4 006 501 245 056
220-240V 50Hz 2000-2200W
MODEL 4506 230V~ 50Hz 2400W IP24
230-240V 50/60Hz 1000-1200W
Kl. II / Class II / Cl. II
MODEL 4502 230V~ 50Hz 1500W IP20
Art.-Nr. 0045 012 352 / 0045 012 353
EAN 4 006 501 245 025
MODEL 4501 230V~ 50Hz 1200W IP20
Art.-Nr. 0045 012 350 / 0045 012 351
EAN 4 006 501 245 018
Kl. II / Class II / Cl. II
MODEL 4502 230V~ 50Hz 1500W IP20
Art.-Nr. 0045 012 352 / 0045 012 353
EAN 4 006 501 245 025
MODEL 4501 230V~ 50Hz 1200W IP20
Art.-Nr. 0045 012 350 / 0045 012 351
EAN 4 006 501 245 018
230-240V 50/60Hz 1000-1200W
MODEL 4502 230V~ 50Hz 1500W IP20
Art.-Nr. 0045 012 352 / 0045 012 353
EAN 4 006 501 245 025
MODEL 4501 230V~ 50Hz 1200W IP20
Art.-Nr. 0045 012 350 / 0045 012 351
EAN 4 006 501 245 018
230-240V 50/60Hz 1000-1200W
Kl. II / Class II / Cl. II
Art.-Nr. 0045 012 352 / 0045 012 353
EAN 4 006 501 245 025
MODEL 4501 230V~ 50Hz 1200W IP20
Art.-Nr. 0045 012 350 / 0045 012 351
EAN 4 006 501 245 018
230-240V 50/60Hz 1000-1200W
Kl. II / Class II / Cl. II
MODEL 4502 230V~ 50Hz 1500W IP20
EAN 4 006 501 245 025
MODEL 4501 230V~ 50Hz 1200W IP20
Art.-Nr. 0045 012 350 / 0045 012 351
EAN 4 006 501 245 018
230-240V 50/60Hz 1000-1200W
Kl. II / Class II / Cl. II
MODEL 4502 230V~ 50Hz 1500W IP20
Art.-Nr. 0045 012 352 / 0045 012 353
MODEL 4501 230V~ 50Hz 1200W IP20
Art.-Nr. 0045 012 350 / 0045 012 351
EAN 4 006 501 245 018
230-240V 50/60Hz 1000-1200W
Kl. II / Class II / Cl. II
MODEL 4502 230V~ 50Hz 1500W IP20
Art.-Nr. 0045 012 352 / 0045 012 353
EAN 4 006 501 245 025
Art.-Nr. 0045 012 350 / 0045 012 351
EAN 4 006 501 245 018
230-240V 50/60Hz 1000-1200W
Kl. II / Class II / Cl. II
MODEL 4502 230V~ 50Hz 1500W IP20
Art.-Nr. 0045 012 352 / 0045 012 353
EAN 4 006 501 245 025
MODEL 4501 230V~ 50Hz 1200W IP20
EAN 4 006 501 245 018
230-240V 50/60Hz 1000-1200W
Kl. II / Class II / Cl. II
MODEL 4502 230V~ 50Hz 1500W IP20
Art.-Nr. 0045 012 352 / 0045 012 353
EAN 4 006 501 245 025
MODEL 4501 230V~ 50Hz 1200W IP20
Art.-Nr. 0045 012 350 / 0045 012 351
230-240V 50/60Hz 1000-1200W
Kl. II / Class II / Cl. II
MODEL 4502 230V~ 50Hz 1500W IP20
Art.-Nr. 0045 012 352 / 0045 012 353
EAN 4 006 501 245 025
MODEL 4501 230V~ 50Hz 1200W IP20
Art.-Nr. 0045 012 350 / 0045 012 351
EAN 4 006 501 245 018
Kl. II / Class II / Cl. II
MODEL 4502 230V~ 50Hz 1500W IP20
Art.-Nr. 0045 012 352 / 0045 012 353
EAN 4 006 501 245 025
MODEL 4501 230V~ 50Hz 1200W IP20
Art.-Nr. 0045 012 350 / 0045 012 351
EAN 4 006 501 245 018
230-240V 50/60Hz 1000-1200W
MODEL 4502 230V~ 50Hz 1500W IP20
Art.-Nr. 0045 012 352 / 0045 012 353
EAN 4 006 501 245 025
MODEL 4501 230V~ 50Hz 1200W IP20
Art.-Nr. 0045 012 350 / 0045 012 351
EAN 4 006 501 245 018
230-240V 50/60Hz 1000-1200W
Kl. II / Class II / Cl. II
Art.-Nr. 0045 012 352 / 0045 012 353
EAN 4 006 501 245 025
MODEL 4501 230V~ 50Hz 1200W IP20
Art.-Nr. 0045 012 350 / 0045 012 351
EAN 4 006 501 245 018
230-240V 50/60Hz 1000-1200W
Kl. II / Class II / Cl. II
MODEL 4502 230V~ 50Hz 1500W IP20
EAN 4 006 501 245 025
MODEL 4501 230V~ 50Hz 1200W IP20
Art.-Nr. 0045 012 350 / 0045 012 351
EAN 4 006 501 245 018
230-240V 50/60Hz 1000-1200W
Kl. II / Class II / Cl. II
MODEL 4502 230V~ 50Hz 1500W IP20
Art.-Nr. 0045 012 352 / 0045 012 353
MODEL 4501 230V~ 50Hz 1200W IP20
Art.-Nr. 0045 012 356 / 0045 012 357
EAN 4 006 501 245 049
MODEL 4503 230V~ 50Hz 1800W IP21
Art.-Nr. 0045 012 354 / 0045 012 355
EAN 4 006 501 245 032
220-240V 50/60Hz 1500-1800W
Kl. I / Class I / Cl. I
MODEL 4504 230V~ 50Hz 2000W IP21
EAN 4 006 501 245 049
MODEL 4503 230V~ 50Hz 1800W IP21
Art.-Nr. 0045 012 354 / 0045 012 355
EAN 4 006 501 245 032
220-240V 50/60Hz 1500-1800W
Kl. I / Class I / Cl. I
MODEL 4504 230V~ 50Hz 2000W IP21
Art.-Nr. 0045 012 356 / 0045 012 357
MODEL 4503 230V~ 50Hz 1800W IP21
Art.-Nr. 0045 012 354 / 0045 012 355
EAN 4 006 501 245 032
220-240V 50/60Hz 1500-1800W
Kl. I / Class I / Cl. I
MODEL 4504 230V~ 50Hz 2000W IP21
Art.-Nr. 0045 012 356 / 0045 012 357
EAN 4 006 501 245 049
Art.-Nr. 0045 012 354 / 0045 012 355
EAN 4 006 501 245 032
220-240V 50/60Hz 1500-1800W
Kl. I / Class I / Cl. I
MODEL 4504 230V~ 50Hz 2000W IP21
Art.-Nr. 0045 012 356 / 0045 012 357
EAN 4 006 501 245 049
MODEL 4503 230V~ 50Hz 1800W IP21
EAN 4 006 501 245 032
220-240V 50/60Hz 1500-1800W
Kl. I / Class I / Cl. I
MODEL 4504 230V~ 50Hz 2000W IP21
Art.-Nr. 0045 012 356 / 0045 012 357
EAN 4 006 501 245 049
MODEL 4503 230V~ 50Hz 1800W IP21
Art.-Nr. 0045 012 354 / 0045 012 355
220-240V 50/60Hz 1500-1800W
Kl. I / Class I / Cl. I
MODEL 4504 230V~ 50Hz 2000W IP21
Art.-Nr. 0045 012 356 / 0045 012 357
EAN 4 006 501 245 049
MODEL 4503 230V~ 50Hz 1800W IP21
Art.-Nr. 0045 012 354 / 0045 012 355
EAN 4 006 501 245 032
Kl. I / Class I / Cl. I
MODEL 4504 230V~ 50Hz 2000W IP21
Art.-Nr. 0045 012 356 / 0045 012 357
EAN 4 006 501 245 049
MODEL 4503 230V~ 50Hz 1800W IP21
Art.-Nr. 0045 012 354 / 0045 012 355
EAN 4 006 501 245 032
220-240V 50/60Hz 1500-1800W
MODEL 4504 230V~ 50Hz 2000W IP21
Art.-Nr. 0045 012 356 / 0045 012 357
EAN 4 006 501 245 049
MODEL 4503 230V~ 50Hz 1800W IP21
Art.-Nr. 0045 012 354 / 0045 012 355
EAN 4 006 501 245 032
220-240V 50/60Hz 1500-1800W
Kl. I / Class I / Cl. I
Art.-Nr. 0045 012 356 / 0045 012 357
EAN 4 006 501 245 049
MODEL 4503 230V~ 50Hz 1800W IP21
Art.-Nr. 0045 012 354 / 0045 012 355
EAN 4 006 501 245 032
220-240V 50/60Hz 1500-1800W
Kl. I / Class I / Cl. I
MODEL 4504 230V~ 50Hz 2000W IP21
EAN 4 006 501 245 049
MODEL 4503 230V~ 50Hz 1800W IP21
Art.-Nr. 0045 012 354 / 0045 012 355
EAN 4 006 501 245 032
220-240V 50/60Hz 1500-1800W
Kl. I / Class I / Cl. I
MODEL 4504 230V~ 50Hz 2000W IP21
Art.-Nr. 0045 012 356 / 0045 012 357
MODEL 4503 230V~ 50Hz 1800W IP21
Art.-Nr. 0045 012 354 / 0045 012 355
EAN 4 006 501 245 032
220-240V 50/60Hz 1500-1800W
Kl. I / Class I / Cl. I
MODEL 4504 230V~ 50Hz 2000W IP21
Art.-Nr. 0045 012 356 / 0045 012 357
EAN 4 006 501 245 049
Art.-Nr. 0045 012 354 / 0045 012 355
EAN 4 006 501 245 032
220-240V 50/60Hz 1500-1800W
Kl. I / Class I / Cl. I
MODEL 4504 230V~ 50Hz 2000W IP21
Art.-Nr. 0045 012 356 / 0045 012 357
EAN 4 006 501 245 049
MODEL 4503 230V~ 50Hz 1800W IP21
EAN 4 006 501 245 032
220-240V 50/60Hz 1500-1800W
Kl. I / Class I / Cl. I
MODEL 4504 230V~ 50Hz 2000W IP21
Art.-Nr. 0045 012 356 / 0045 012 357
EAN 4 006 501 245 049
MODEL 4503 230V~ 50Hz 1800W IP21
Art.-Nr. 0045 012 354 / 0045 012 355
220-240V 50/60Hz 1500-1800W
Art.-Nr. 0045 012 358 / 0045 012 359
EAN 4 006 501 245 056
220-240V 50Hz 2000-2200W
Kl. II / Class II / Cl. II
MODEL 4506 230V~ 50Hz 2400W IP24
Art.-Nr. 0045 012 360 / 0045 012 361
EAN 4 006 501 245 063
MODEL 4505 230V~ 50Hz 2200W IP24
EAN 4 006 501 245 056
220-240V 50Hz 2000-2200W
Kl. II / Class II / Cl. II
MODEL 4506 230V~ 50Hz 2400W IP24
Art.-Nr. 0045 012 360 / 0045 012 361
EAN 4 006 501 245 063
MODEL 4505 230V~ 50Hz 2200W IP24
Art.-Nr. 0045 012 358 / 0045 012 359
220-240V 50Hz 2000-2200W
Kl. II / Class II / Cl. II
MODEL 4506 230V~ 50Hz 2400W IP24
Art.-Nr. 0045 012 360 / 0045 012 361
EAN 4 006 501 245 063
MODEL 4505 230V~ 50Hz 2200W IP24
Art.-Nr. 0045 012 358 / 0045 012 359
EAN 4 006 501 245 056
Kl. II / Class II / Cl. II
MODEL 4506 230V~ 50Hz 2400W IP24
Art.-Nr. 0045 012 360 / 0045 012 361
EAN 4 006 501 245 063
MODEL 4505 230V~ 50Hz 2200W IP24
Art.-Nr. 0045 012 358 / 0045 012 359
EAN 4 006 501 245 056
220-240V 50Hz 2000-2200W
MODEL 4506 230V~ 50Hz 2400W IP24
Art.-Nr. 0045 012 360 / 0045 012 361
EAN 4 006 501 245 063
MODEL 4505 230V~ 50Hz 2200W IP24
Art.-Nr. 0045 012 358 / 0045 012 359
EAN 4 006 501 245 056
220-240V 50Hz 2000-2200W
Kl. II / Class II / Cl. II
Art.-Nr. 0045 012 360 / 0045 012 361
EAN 4 006 501 245 063
MODEL 4505 230V~ 50Hz 2200W IP24
Art.-Nr. 0045 012 358 / 0045 012 359
EAN 4 006 501 245 056
220-240V 50Hz 2000-2200W
Kl. II / Class II / Cl. II
MODEL 4506 230V~ 50Hz 2400W IP24
EAN 4 006 501 245 063
MODEL 4505 230V~ 50Hz 2200W IP24
Art.-Nr. 0045 012 358 / 0045 012 359
EAN 4 006 501 245 056
220-240V 50Hz 2000-2200W
Kl. II / Class II / Cl. II
MODEL 4506 230V~ 50Hz 2400W IP24
Art.-Nr. 0045 012 360 / 0045 012 361
MODEL 4505 230V~ 50Hz 2200W IP24
Art.-Nr. 0045 012 358 / 0045 012 359
EAN 4 006 501 245 056
220-240V 50Hz 2000-2200W
Kl. II / Class II / Cl. II
MODEL 4506 230V~ 50Hz 2400W IP24
Art.-Nr. 0045 012 360 / 0045 012 361
EAN 4 006 501 245 063
Art.-Nr. 0045 012 358 / 0045 012 359
EAN 4 006 501 245 056
220-240V 50Hz 2000-2200W
Kl. II / Class II / Cl. II
MODEL 4506 230V~ 50Hz 2400W IP24
Art.-Nr. 0045 012 360 / 0045 012 361
EAN 4 006 501 245 063
MODEL 4505 230V~ 50Hz 2200W IP24
EAN 4 006 501 245 056
220-240V 50Hz 2000-2200W
Kl. II / Class II / Cl. II
MODEL 4506 230V~ 50Hz 2400W IP24
Art.-Nr. 0045 012 360 / 0045 012 361
EAN 4 006 501 245 063
MODEL 4505 230V~ 50Hz 2200W IP24
Art.-Nr. 0045 012 358 / 0045 012 359
220-240V 50Hz 2000-2200W
Kl. II / Class II / Cl. II
MODEL 4506 230V~ 50Hz 2400W IP24
Art.-Nr. 0045 012 360 / 0045 012 361
EAN 4 006 501 245 063
MODEL 4505 230V~ 50Hz 2200W IP24
Art.-Nr. 0045 012 358 / 0045 012 359
EAN 4 006 501 245 056
Kl. II / Class II / Cl. II
MODEL 4506 230V~ 50Hz 2400W IP24
Art.-Nr. 0045 012 360 / 0045 012 361
EAN 4 006 501 245 063
MODEL 4505 230V~ 50Hz 2200W IP24
Art.-Nr. 0045 012 358 / 0045 012 359
EAN 4 006 501 245 056
220-240V 50Hz 2000-2200W
MODEL 4506 230V~ 50Hz 2400W IP24
Art.-Nr. 0045 012 360 / 0045 012 361
EAN 4 006 501 245 063
MODEL 4505 230V~ 50Hz 2200W IP24
Art.-Nr. 0045 012 358 / 0045 012 359
EAN 4 006 501 245 056
220-240V 50Hz 2000-2200W
Kl. II / Class II / Cl. II
Art.-Nr. 0045 012 360 / 0045 012 361
